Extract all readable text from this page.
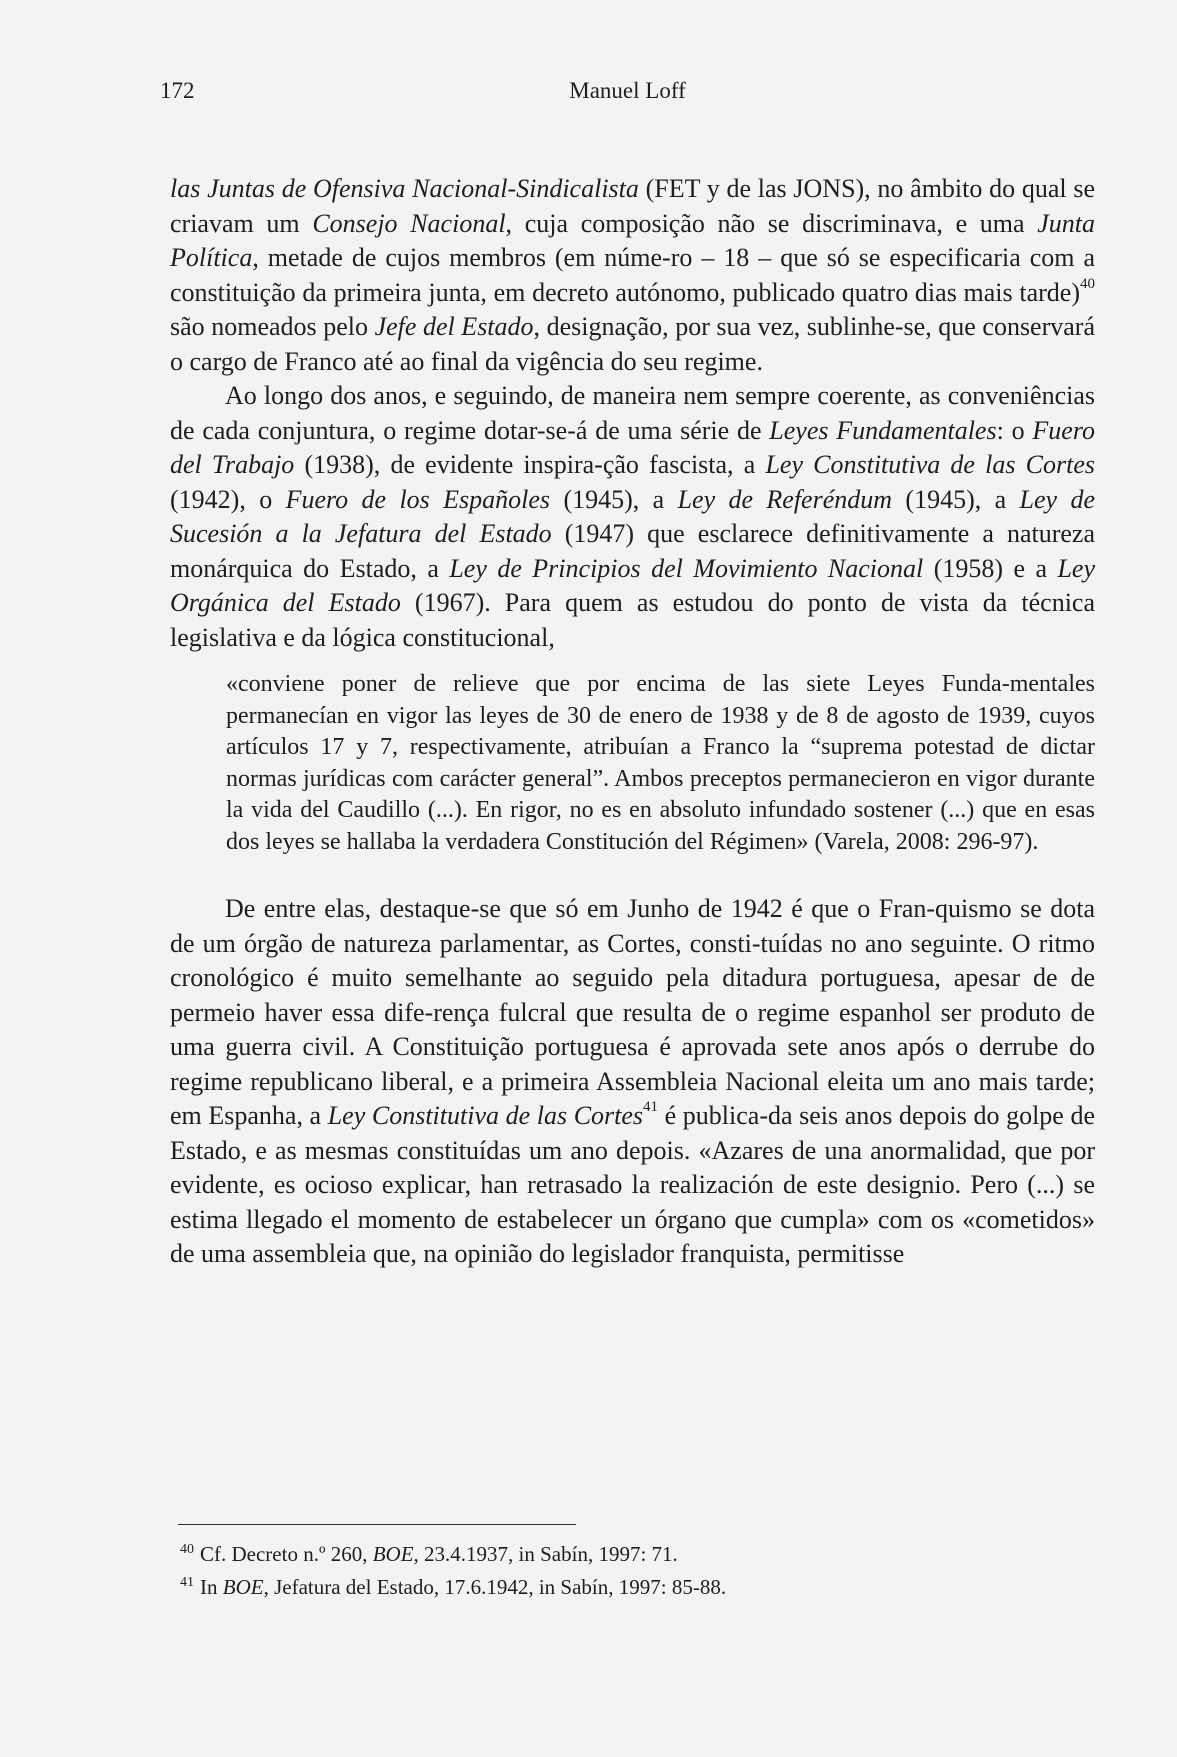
172	Manuel Loff

las Juntas de Ofensiva Nacional-Sindicalista (FET y de las JONS), no âmbito do qual se criavam um Consejo Nacional, cuja composição não se discriminava, e uma Junta Política, metade de cujos membros (em núme-ro – 18 – que só se especificaria com a constituição da primeira junta, em decreto autónomo, publicado quatro dias mais tarde)$^{40}$ são nomeados pelo Jefe del Estado, designação, por sua vez, sublinhe-se, que conservará o cargo de Franco até ao final da vigência do seu regime.

Ao longo dos anos, e seguindo, de maneira nem sempre coerente, as conveniências de cada conjuntura, o regime dotar-se-á de uma série de Leyes Fundamentales: o Fuero del Trabajo (1938), de evidente inspira-ção fascista, a Ley Constitutiva de las Cortes (1942), o Fuero de los Españoles (1945), a Ley de Referéndum (1945), a Ley de Sucesión a la Jefatura del Estado (1947) que esclarece definitivamente a natureza monárquica do Estado, a Ley de Principios del Movimiento Nacional (1958) e a Ley Orgánica del Estado (1967). Para quem as estudou do ponto de vista da técnica legislativa e da lógica constitucional,

«conviene poner de relieve que por encima de las siete Leyes Funda-mentales permanecían en vigor las leyes de 30 de enero de 1938 y de 8 de agosto de 1939, cuyos artículos 17 y 7, respectivamente, atribuían a Franco la “suprema potestad de dictar normas jurídicas com carácter general”. Ambos preceptos permanecieron en vigor durante la vida del Caudillo (...). En rigor, no es en absoluto infundado sostener (...) que en esas dos leyes se hallaba la verdadera Constitución del Régimen» (Varela, 2008: 296-97).

De entre elas, destaque-se que só em Junho de 1942 é que o Fran-quismo se dota de um órgão de natureza parlamentar, as Cortes, consti-tuídas no ano seguinte. O ritmo cronológico é muito semelhante ao seguido pela ditadura portuguesa, apesar de de permeio haver essa dife-rença fulcral que resulta de o regime espanhol ser produto de uma guerra civil. A Constituição portuguesa é aprovada sete anos após o derrube do regime republicano liberal, e a primeira Assembleia Nacional eleita um ano mais tarde; em Espanha, a Ley Constitutiva de las Cortes$^{41}$ é publica-da seis anos depois do golpe de Estado, e as mesmas constituídas um ano depois. «Azares de una anormalidad, que por evidente, es ocioso explicar, han retrasado la realización de este designio. Pero (...) se estima llegado el momento de estabelecer un órgano que cumpla» com os «cometidos» de uma assembleia que, na opinião do legislador franquista, permitisse

$^{40}$ Cf. Decreto n.º 260, BOE, 23.4.1937, in Sabín, 1997: 71.

$^{41}$ In BOE, Jefatura del Estado, 17.6.1942, in Sabín, 1997: 85-88.
